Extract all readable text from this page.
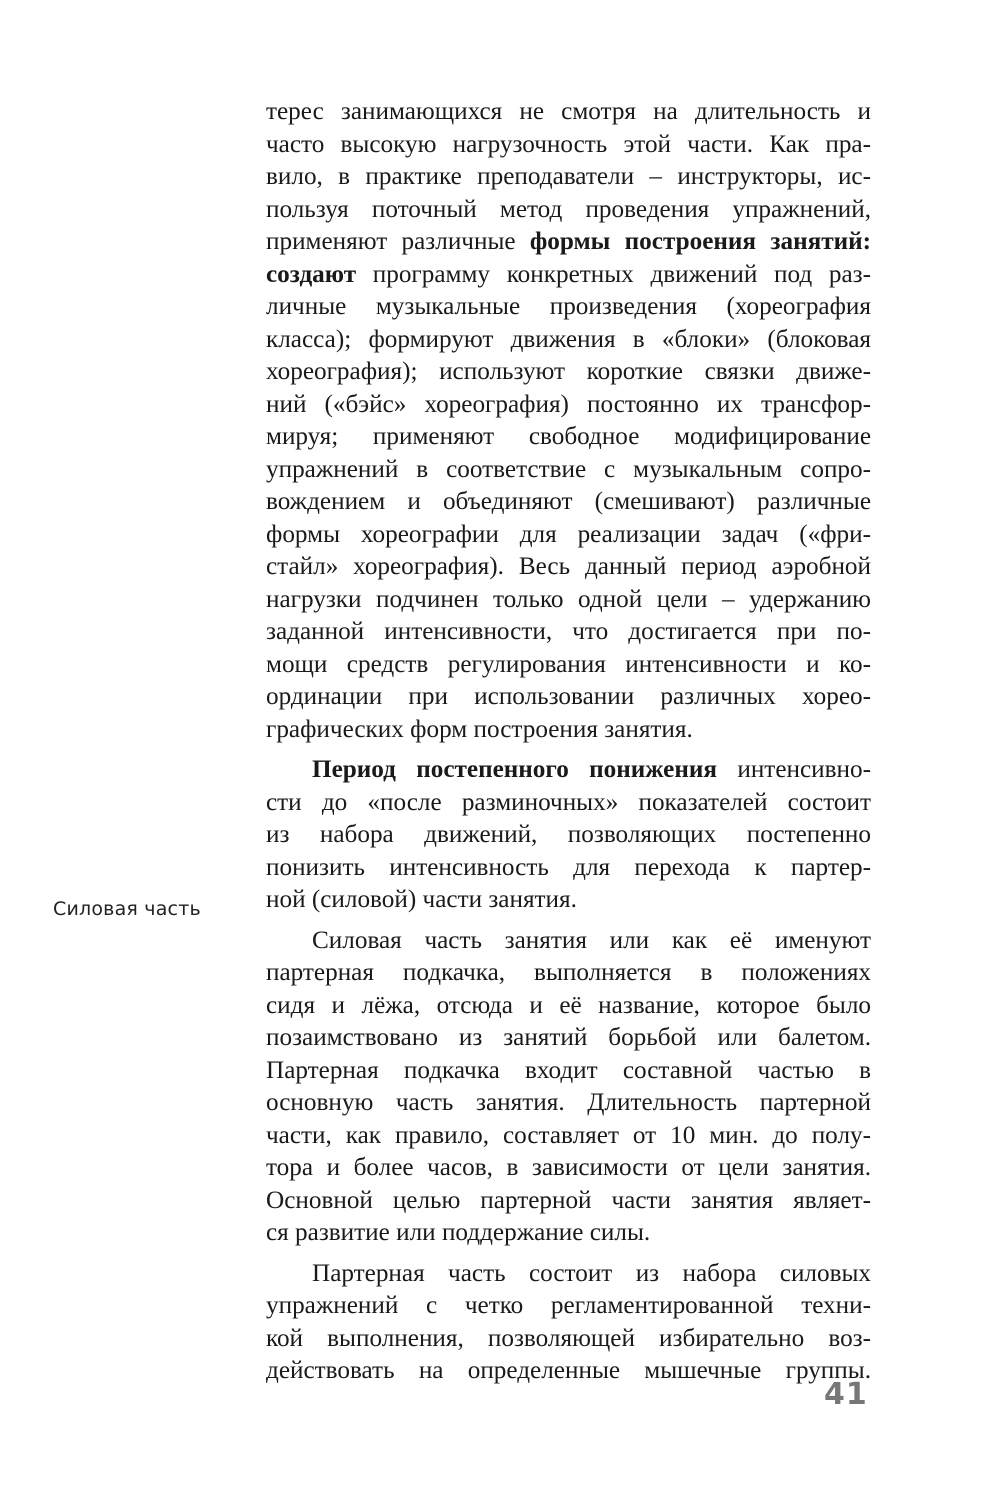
Силовая часть
терес занимающихся не смотря на длительность и
часто высокую нагрузочность этой части. Как пра-
вило, в практике преподаватели – инструкторы, ис-
пользуя поточный метод проведения упражнений,
применяют различные формы построения занятий:
создают программу конкретных движений под раз-
личные музыкальные произведения (хореография
класса); формируют движения в «блоки» (блоковая
хореография); используют короткие связки движе-
ний («бэйс» хореография) постоянно их трансфор-
мируя; применяют свободное модифицирование
упражнений в соответствие с музыкальным сопро-
вождением и объединяют (смешивают) различные
формы хореографии для реализации задач («фри-
стайл» хореография). Весь данный период аэробной
нагрузки подчинен только одной цели – удержанию
заданной интенсивности, что достигается при по-
мощи средств регулирования интенсивности и ко-
ординации при использовании различных хорео-
графических форм построения занятия.
Период постепенного понижения интенсивно-
сти до «после разминочных» показателей состоит
из набора движений, позволяющих постепенно
понизить интенсивность для перехода к партер-
ной (силовой) части занятия.
Силовая часть занятия или как её именуют
партерная подкачка, выполняется в положениях
сидя и лёжа, отсюда и её название, которое было
позаимствовано из занятий борьбой или балетом.
Партерная подкачка входит составной частью в
основную часть занятия. Длительность партерной
части, как правило, составляет от 10 мин. до полу-
тора и более часов, в зависимости от цели занятия.
Основной целью партерной части занятия являет-
ся развитие или поддержание силы.
Партерная часть состоит из набора силовых
упражнений с четко регламентированной техни-
кой выполнения, позволяющей избирательно воз-
действовать на определенные мышечные группы.
41
